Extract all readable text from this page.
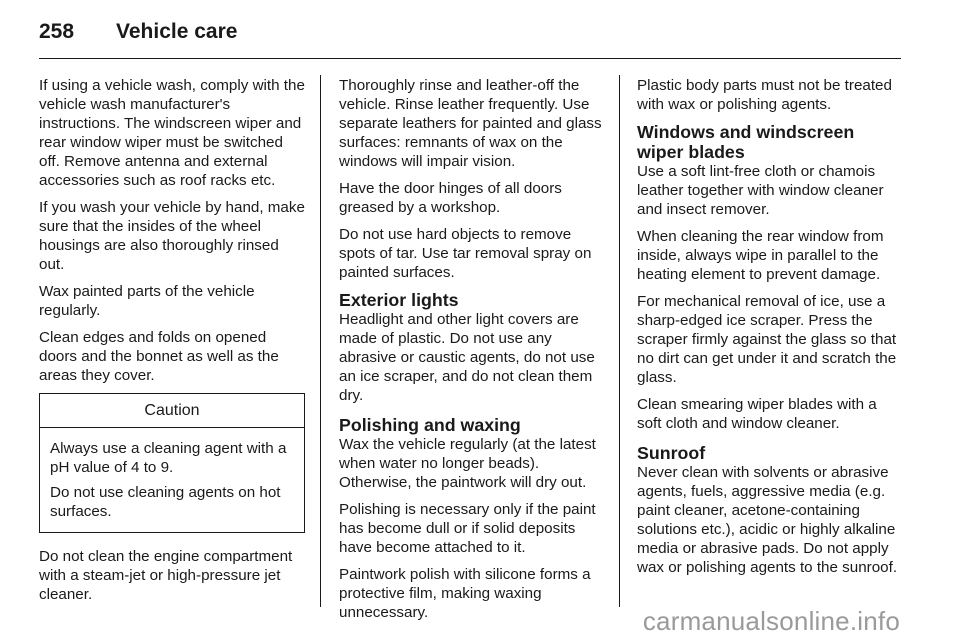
258 Vehicle care

If using a vehicle wash, comply with the vehicle wash manufacturer's instructions. The windscreen wiper and rear window wiper must be switched off. Remove antenna and external accessories such as roof racks etc.

If you wash your vehicle by hand, make sure that the insides of the wheel housings are also thoroughly rinsed out.

Wax painted parts of the vehicle regularly.

Clean edges and folds on opened doors and the bonnet as well as the areas they cover.

Caution

Always use a cleaning agent with a pH value of 4 to 9.

Do not use cleaning agents on hot surfaces.

Do not clean the engine compartment with a steam-jet or high-pressure jet cleaner.

Thoroughly rinse and leather-off the vehicle. Rinse leather frequently. Use separate leathers for painted and glass surfaces: remnants of wax on the windows will impair vision.

Have the door hinges of all doors greased by a workshop.

Do not use hard objects to remove spots of tar. Use tar removal spray on painted surfaces.

Exterior lights

Headlight and other light covers are made of plastic. Do not use any abrasive or caustic agents, do not use an ice scraper, and do not clean them dry.

Polishing and waxing

Wax the vehicle regularly (at the latest when water no longer beads). Otherwise, the paintwork will dry out.

Polishing is necessary only if the paint has become dull or if solid deposits have become attached to it.

Paintwork polish with silicone forms a protective film, making waxing unnecessary.

Plastic body parts must not be treated with wax or polishing agents.

Windows and windscreen wiper blades

Use a soft lint-free cloth or chamois leather together with window cleaner and insect remover.

When cleaning the rear window from inside, always wipe in parallel to the heating element to prevent damage.

For mechanical removal of ice, use a sharp-edged ice scraper. Press the scraper firmly against the glass so that no dirt can get under it and scratch the glass.

Clean smearing wiper blades with a soft cloth and window cleaner.

Sunroof

Never clean with solvents or abrasive agents, fuels, aggressive media (e.g. paint cleaner, acetone-containing solutions etc.), acidic or highly alkaline media or abrasive pads. Do not apply wax or polishing agents to the sunroof.

carmanualsonline.info
